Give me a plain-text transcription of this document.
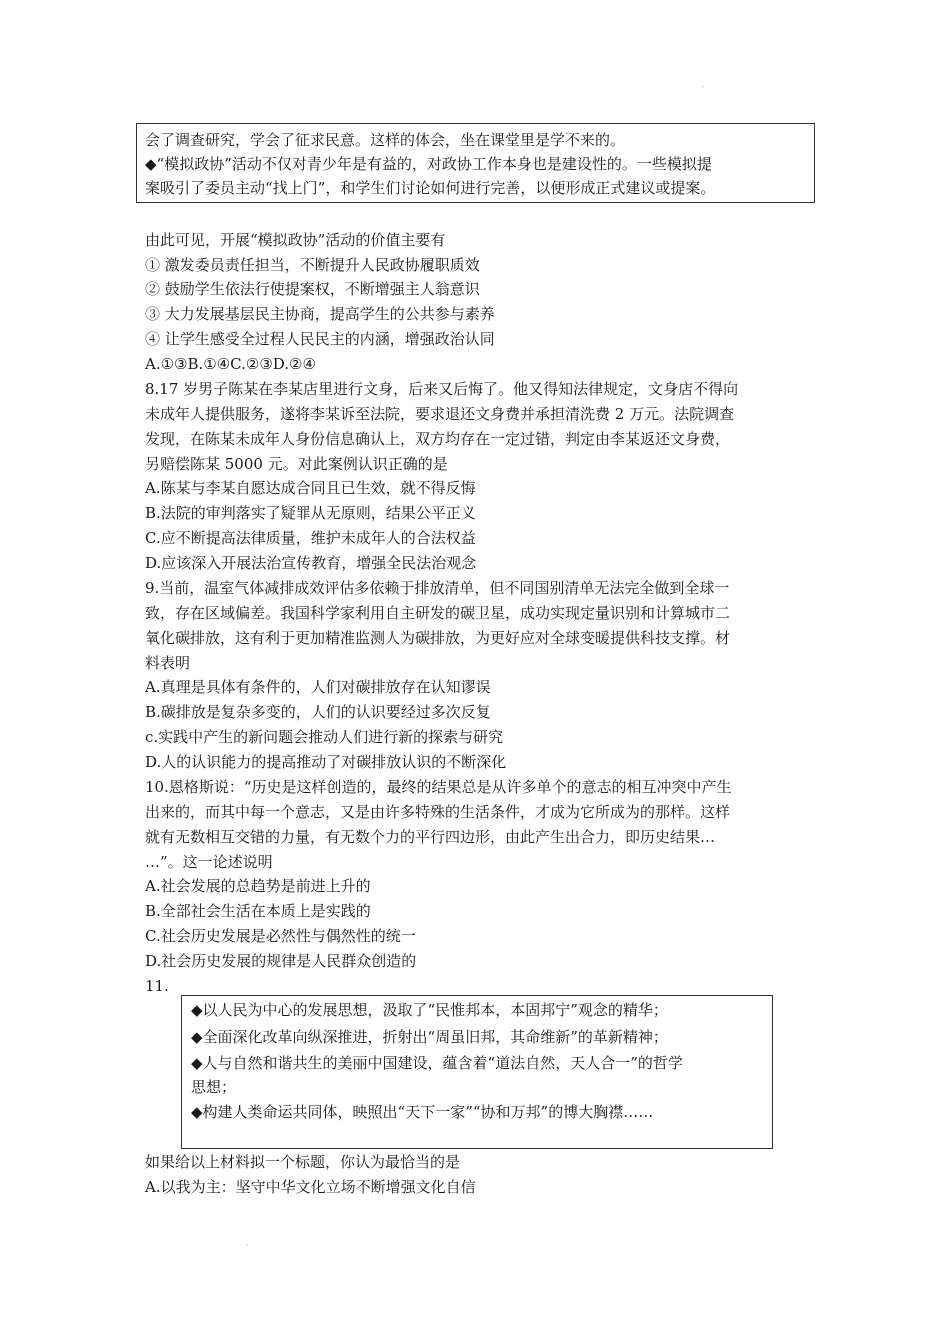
.
会了调查研究，学会了征求民意。这样的体会，坐在课堂里是学不来的。
◆“模拟政协”活动不仅对青少年是有益的，对政协工作本身也是建设性的。一些模拟提
案吸引了委员主动“找上门”，和学生们讨论如何进行完善，以便形成正式建议或提案。
由此可见，开展“模拟政协”活动的价值主要有
① 激发委员责任担当，不断提升人民政协履职质效
② 鼓励学生依法行使提案权，不断增强主人翁意识
③ 大力发展基层民主协商，提高学生的公共参与素养
④ 让学生感受全过程人民民主的内涵，增强政治认同
A.①③B.①④C.②③D.②④
8.17 岁男子陈某在李某店里进行文身，后来又后悔了。他又得知法律规定，文身店不得向
未成年人提供服务，遂将李某诉至法院，要求退还文身费并承担清洗费 2 万元。法院调查
发现，在陈某未成年人身份信息确认上，双方均存在一定过错，判定由李某返还文身费，
另赔偿陈某 5000 元。对此案例认识正确的是
A.陈某与李某自愿达成合同且已生效，就不得反悔
B.法院的审判落实了疑罪从无原则，结果公平正义
C.应不断提高法律质量，维护未成年人的合法权益
D.应该深入开展法治宣传教育，增强全民法治观念
9.当前，温室气体减排成效评估多依赖于排放清单，但不同国别清单无法完全做到全球一
致，存在区域偏差。我国科学家利用自主研发的碳卫星，成功实现定量识别和计算城市二
氧化碳排放，这有利于更加精准监测人为碳排放，为更好应对全球变暖提供科技支撑。材
料表明
A.真理是具体有条件的，人们对碳排放存在认知谬误
B.碳排放是复杂多变的，人们的认识要经过多次反复
c.实践中产生的新问题会推动人们进行新的探索与研究
D.人的认识能力的提高推动了对碳排放认识的不断深化
10.恩格斯说：“历史是这样创造的，最终的结果总是从许多单个的意志的相互冲突中产生
出来的，而其中每一个意志，又是由许多特殊的生活条件，才成为它所成为的那样。这样
就有无数相互交错的力量，有无数个力的平行四边形，由此产生出合力，即历史结果…
…”。这一论述说明
A.社会发展的总趋势是前进上升的
B.全部社会生活在本质上是实践的
C.社会历史发展是必然性与偶然性的统一
D.社会历史发展的规律是人民群众创造的
11.
◆以人民为中心的发展思想，汲取了“民惟邦本，本固邦宁”观念的精华；
◆全面深化改革向纵深推进，折射出“周虽旧邦，其命维新”的革新精神；
◆人与自然和谐共生的美丽中国建设，蕴含着“道法自然，天人合一”的哲学
思想；
◆构建人类命运共同体，映照出“天下一家”“协和万邦”的博大胸襟……
如果给以上材料拟一个标题，你认为最恰当的是
A.以我为主：坚守中华文化立场不断增强文化自信
.
